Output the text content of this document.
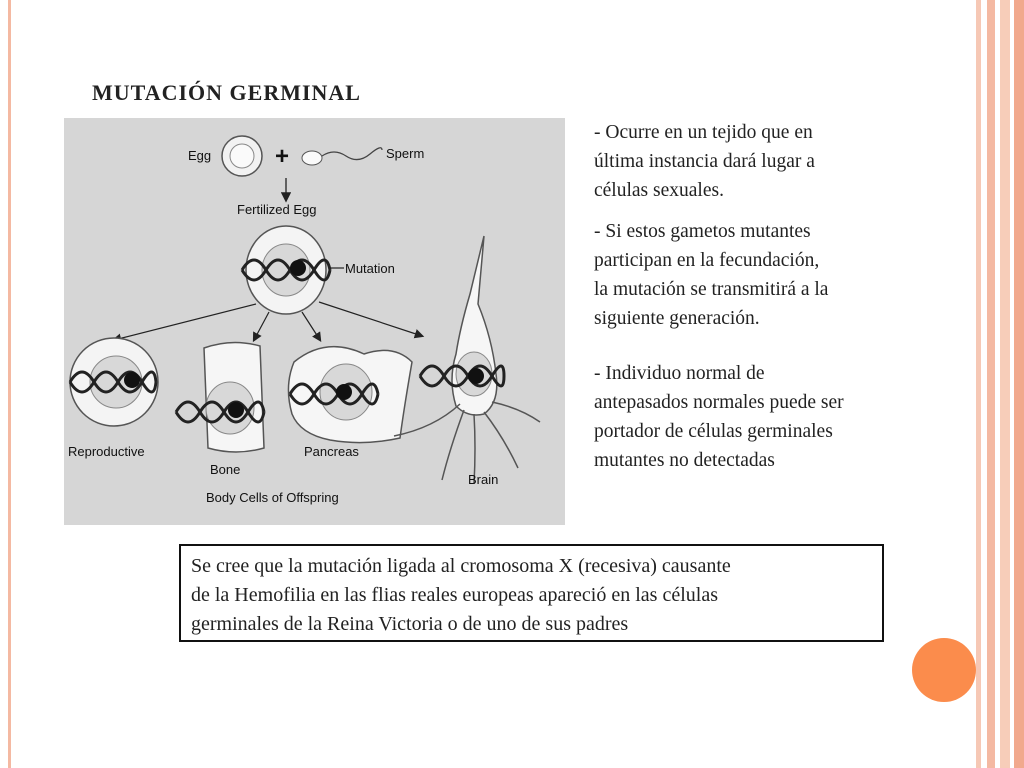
MUTACIÓN GERMINAL
Egg	+	Sperm
Fertilized Egg
Mutation
Reproductive
Bone
Pancreas
Brain
Body Cells of Offspring

- Ocurre en un tejido que en
última instancia dará lugar a
células sexuales.

- Si estos gametos mutantes
participan en la fecundación,
la mutación se transmitirá a la
siguiente generación.

- Individuo normal de
antepasados normales puede ser
portador de células germinales
mutantes no detectadas

Se cree que la mutación ligada al cromosoma X (recesiva) causante
de la Hemofilia en las flias reales europeas apareció en las células
germinales de la Reina Victoria o de uno de sus padres
